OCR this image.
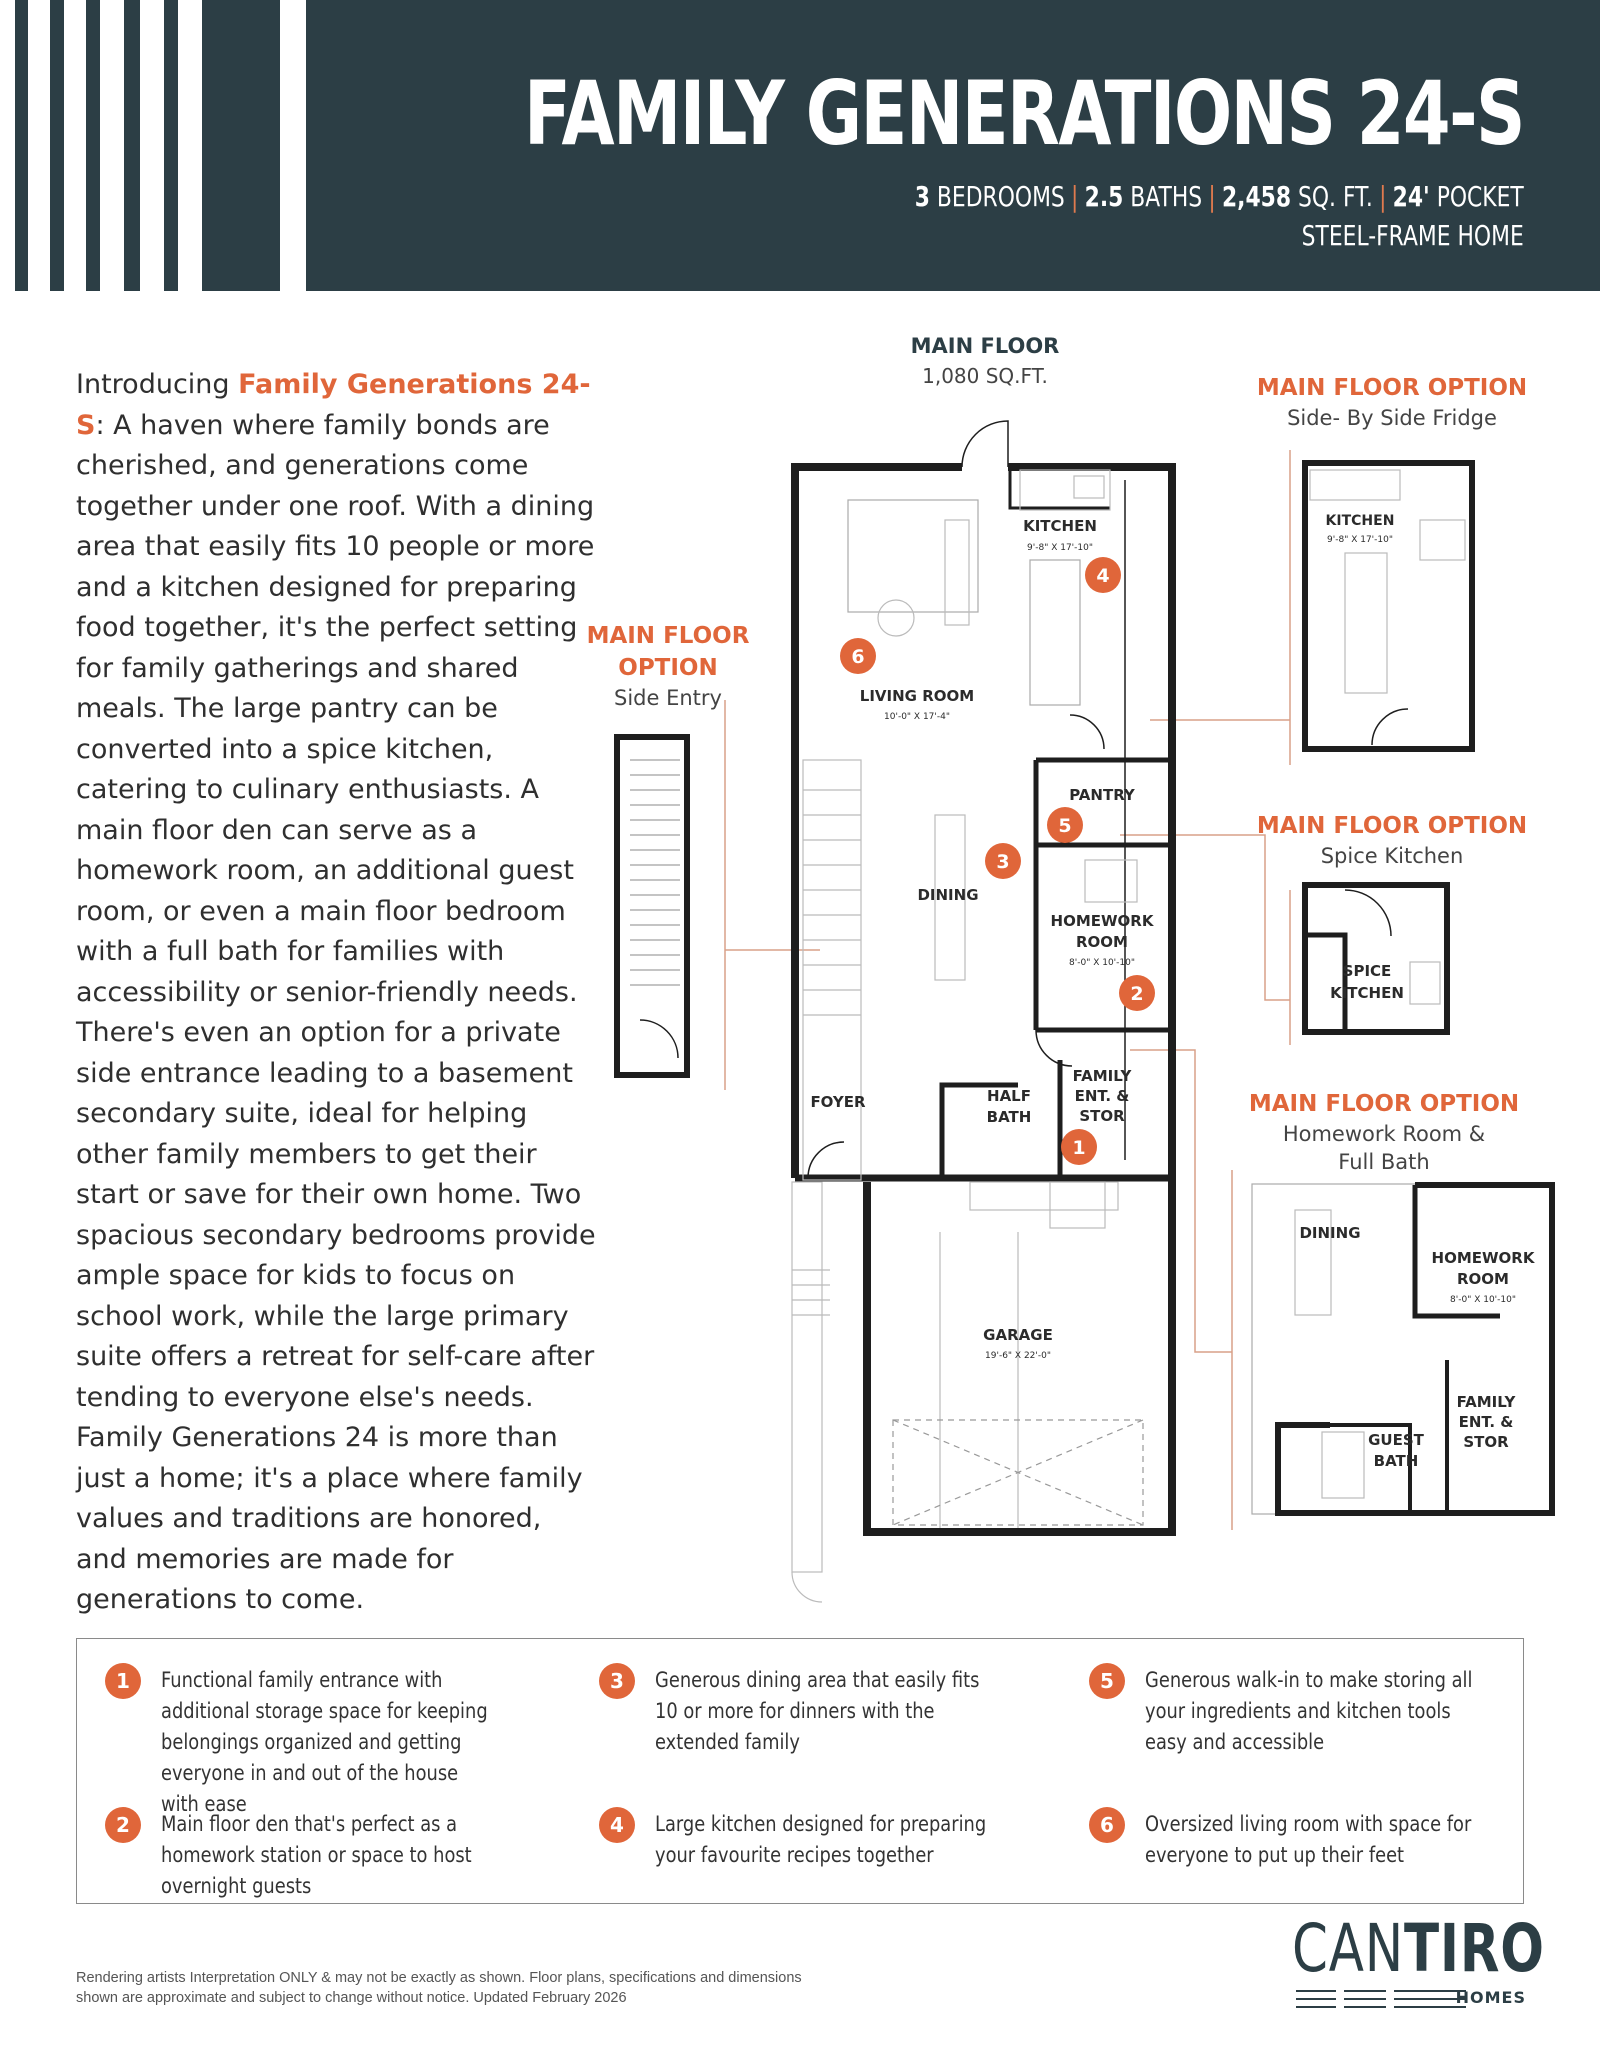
FAMILY GENERATIONS 24-S
3 BEDROOMS | 2.5 BATHS | 2,458 SQ. FT. | 24' POCKET
STEEL-FRAME HOME
Introducing Family Generations 24-S: A haven where family bonds are cherished, and generations come together under one roof. With a dining area that easily fits 10 people or more and a kitchen designed for preparing food together, it's the perfect setting for family gatherings and shared meals. The large pantry can be converted into a spice kitchen, catering to culinary enthusiasts. A main floor den can serve as a homework room, an additional guest room, or even a main floor bedroom with a full bath for families with accessibility or senior-friendly needs. There's even an option for a private side entrance leading to a basement secondary suite, ideal for helping other family members to get their start or save for their own home. Two spacious secondary bedrooms provide ample space for kids to focus on school work, while the large primary suite offers a retreat for self-care after tending to everyone else's needs. Family Generations 24 is more than just a home; it's a place where family values and traditions are honored, and memories are made for generations to come.
MAIN FLOOR
1,080 SQ.FT.
MAIN FLOOR OPTION
Side Entry
MAIN FLOOR OPTION
Side- By Side Fridge
MAIN FLOOR OPTION
Spice Kitchen
MAIN FLOOR OPTION
Homework Room &
Full Bath
KITCHEN
9'-8" X 17'-10"
LIVING ROOM
10'-0" X 17'-4"
PANTRY
DINING
HOMEWORK
ROOM
8'-0" X 10'-10"
FOYER	HALF
BATH
FAMILY
ENT. &
STOR
GARAGE
19'-6" X 22'-0"
KITCHEN
9'-8" X 17'-10"
SPICE
KITCHEN
DINING
HOMEWORK
ROOM
8'-0" X 10'-10"
GUEST
BATH
FAMILY
ENT. &
STOR
1
2
3
4
5
6
1	Functional family entrance with additional storage space for keeping belongings organized and getting everyone in and out of the house with ease
2	Main floor den that's perfect as a homework station or space to host overnight guests
3	Generous dining area that easily fits 10 or more for dinners with the extended family
4	Large kitchen designed for preparing your favourite recipes together
5	Generous walk-in to make storing all your ingredients and kitchen tools easy and accessible
6	Oversized living room with space for everyone to put up their feet
Rendering artists Interpretation ONLY & may not be exactly as shown. Floor plans, specifications and dimensions shown are approximate and subject to change without notice. Updated February 2026
CANTIRO
HOMES
